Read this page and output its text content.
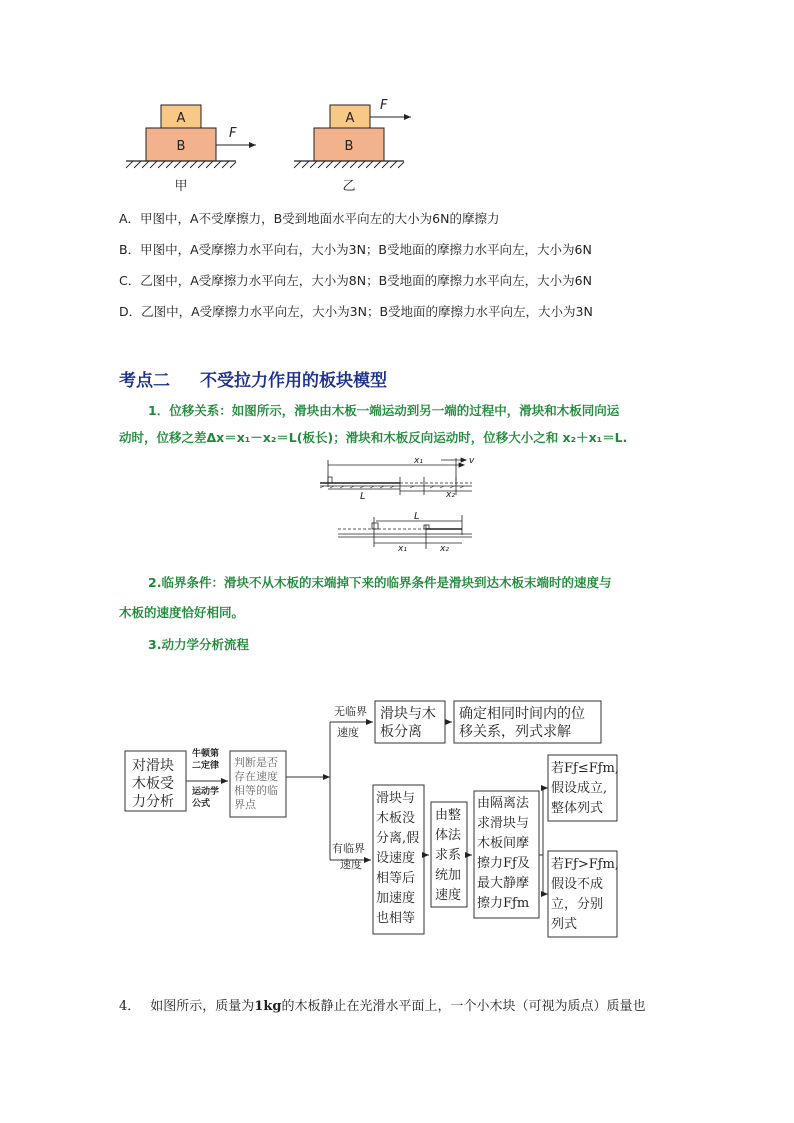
A
B
F
甲
A
B
F
乙
A．甲图中，A不受摩擦力，B受到地面水平向左的大小为6N的摩擦力
B．甲图中，A受摩擦力水平向右，大小为3N；B受地面的摩擦力水平向左，大小为6N
C．乙图中，A受摩擦力水平向左，大小为8N；B受地面的摩擦力水平向左，大小为6N
D．乙图中，A受摩擦力水平向左，大小为3N；B受地面的摩擦力水平向左，大小为3N
考点二 不受拉力作用的板块模型
1．位移关系：如图所示，滑块由木板一端运动到另一端的过程中，滑块和木板同向运
动时，位移之差Δx＝x₁－x₂＝L(板长)；滑块和木板反向运动时，位移大小之和 x₂＋x₁＝L.
x₁	v
L	x₂
L
x₁	x₂
2.临界条件：滑块不从木板的末端掉下来的临界条件是滑块到达木板末端时的速度与
木板的速度恰好相同。
3.动力学分析流程
对滑块
木板受
力分析
牛顿第
二定律
运动学
公式
判断是否
存在速度
相等的临
界点
无临界
速度
有临界
速度
滑块与木
板分离
确定相同时间内的位
移关系，列式求解
滑块与
木板没
分离,假
设速度
相等后
加速度
也相等
由整
体法
求系
统加
速度
由隔离法
求滑块与
木板间摩
擦力Fƒ及
最大静摩
擦力Fƒm
若Fƒ≤Fƒm,
假设成立,
整体列式
若Fƒ>Fƒm,
假设不成
立，分别
列式
4． 如图所示，质量为1kg的木板静止在光滑水平面上，一个小木块（可视为质点）质量也
